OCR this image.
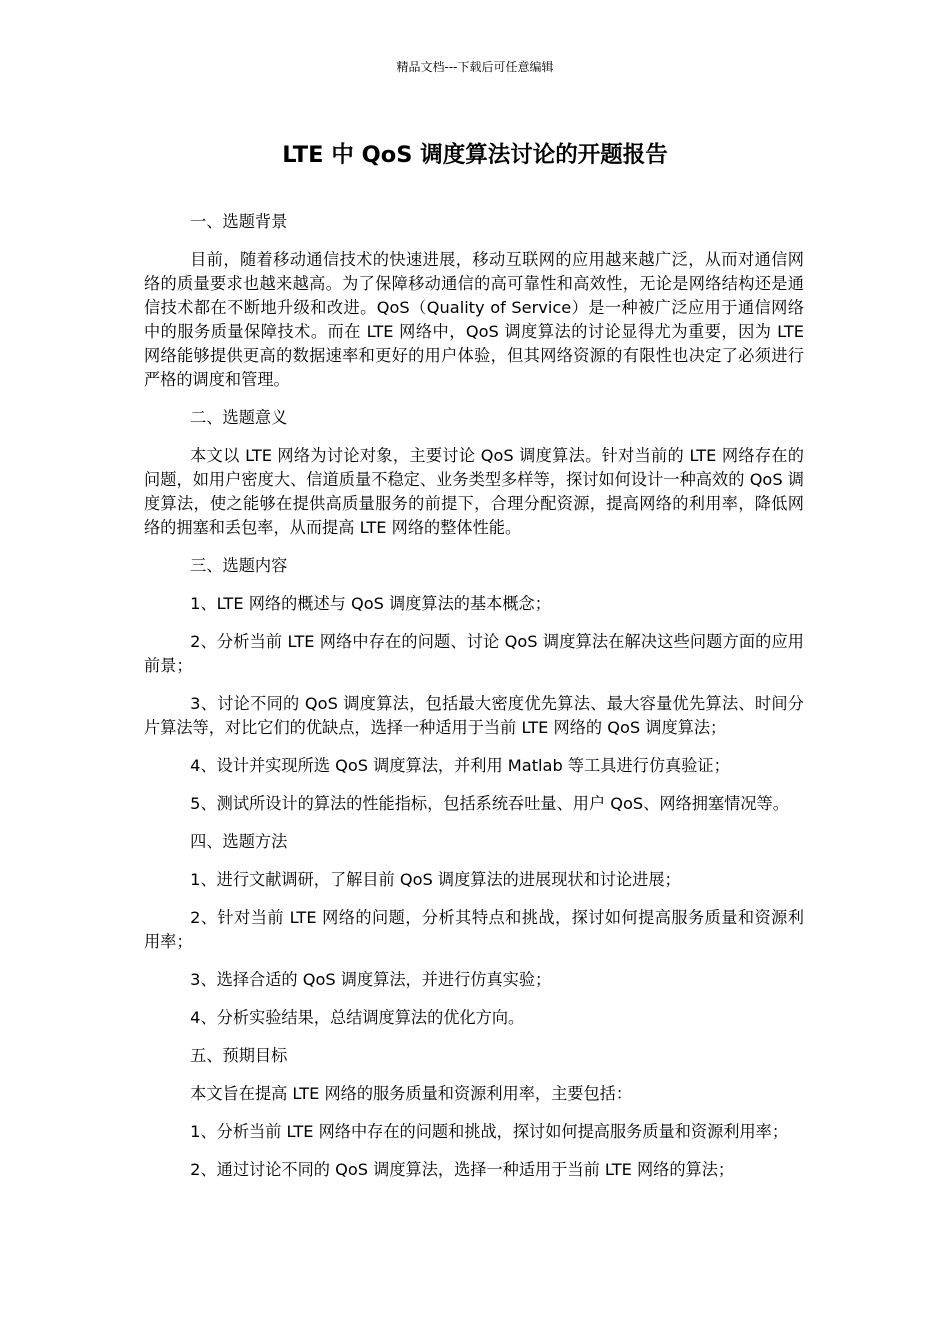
精品文档---下载后可任意编辑
LTE 中 QoS 调度算法讨论的开题报告

一、选题背景

目前，随着移动通信技术的快速进展，移动互联网的应用越来越广泛，从而对通信网络的质量要求也越来越高。为了保障移动通信的高可靠性和高效性，无论是网络结构还是通信技术都在不断地升级和改进。QoS（Quality of Service）是一种被广泛应用于通信网络中的服务质量保障技术。而在 LTE 网络中，QoS 调度算法的讨论显得尤为重要，因为 LTE 网络能够提供更高的数据速率和更好的用户体验，但其网络资源的有限性也决定了必须进行严格的调度和管理。

二、选题意义

本文以 LTE 网络为讨论对象，主要讨论 QoS 调度算法。针对当前的 LTE 网络存在的问题，如用户密度大、信道质量不稳定、业务类型多样等，探讨如何设计一种高效的 QoS 调度算法，使之能够在提供高质量服务的前提下，合理分配资源，提高网络的利用率，降低网络的拥塞和丢包率，从而提高 LTE 网络的整体性能。

三、选题内容

1、LTE 网络的概述与 QoS 调度算法的基本概念；

2、分析当前 LTE 网络中存在的问题、讨论 QoS 调度算法在解决这些问题方面的应用前景；

3、讨论不同的 QoS 调度算法，包括最大密度优先算法、最大容量优先算法、时间分片算法等，对比它们的优缺点，选择一种适用于当前 LTE 网络的 QoS 调度算法；

4、设计并实现所选 QoS 调度算法，并利用 Matlab 等工具进行仿真验证；

5、测试所设计的算法的性能指标，包括系统吞吐量、用户 QoS、网络拥塞情况等。

四、选题方法

1、进行文献调研，了解目前 QoS 调度算法的进展现状和讨论进展；

2、针对当前 LTE 网络的问题，分析其特点和挑战，探讨如何提高服务质量和资源利用率；

3、选择合适的 QoS 调度算法，并进行仿真实验；

4、分析实验结果，总结调度算法的优化方向。

五、预期目标

本文旨在提高 LTE 网络的服务质量和资源利用率，主要包括：

1、分析当前 LTE 网络中存在的问题和挑战，探讨如何提高服务质量和资源利用率；

2、通过讨论不同的 QoS 调度算法，选择一种适用于当前 LTE 网络的算法；
